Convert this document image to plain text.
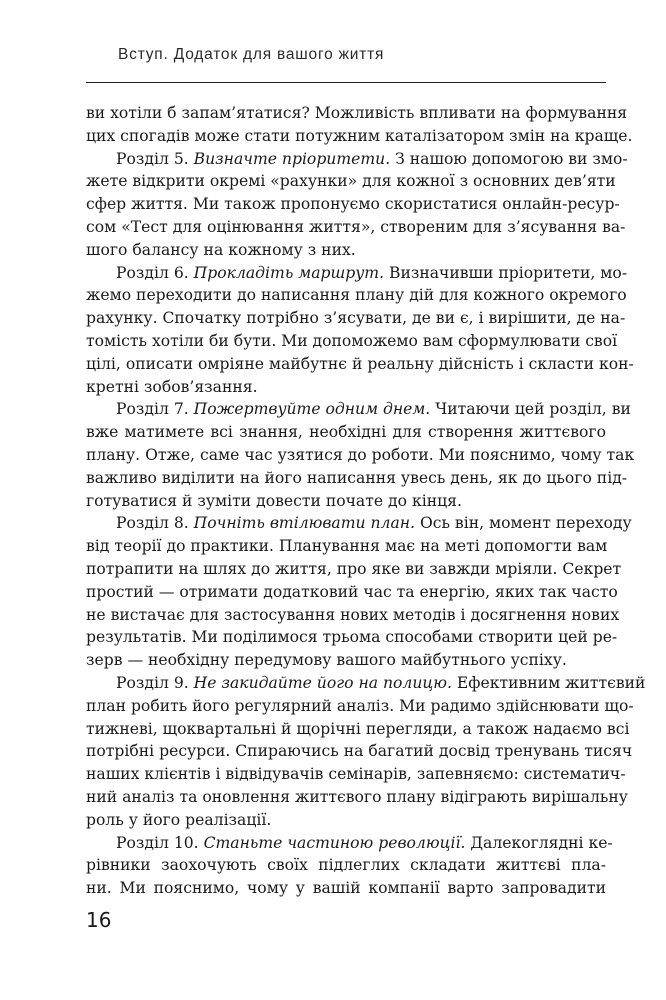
Вступ. Додаток для вашого життя
ви хотіли б запам’ятатися? Можливість впливати на формування
цих спогадів може стати потужним каталізатором змін на краще.
Розділ 5. Визначте пріоритети. З нашою допомогою ви змо-
жете відкрити окремі «рахунки» для кожної з основних дев’яти
сфер життя. Ми також пропонуємо скористатися онлайн-ресур-
сом «Тест для оцінювання життя», створеним для з’ясування ва-
шого балансу на кожному з них.
Розділ 6. Прокладіть маршрут. Визначивши пріоритети, мо-
жемо переходити до написання плану дій для кожного окремого
рахунку. Спочатку потрібно з’ясувати, де ви є, і вирішити, де на-
томість хотіли би бути. Ми допоможемо вам сформулювати свої
цілі, описати омріяне майбутнє й реальну дійсність і скласти кон-
кретні зобов’язання.
Розділ 7. Пожертвуйте одним днем. Читаючи цей розділ, ви
вже матимете всі знання, необхідні для створення життєвого
плану. Отже, саме час узятися до роботи. Ми пояснимо, чому так
важливо виділити на його написання увесь день, як до цього під-
готуватися й зуміти довести почате до кінця.
Розділ 8. Почніть втілювати план. Ось він, момент переходу
від теорії до практики. Планування має на меті допомогти вам
потрапити на шлях до життя, про яке ви завжди мріяли. Секрет
простий — отримати додатковий час та енергію, яких так часто
не вистачає для застосування нових методів і досягнення нових
результатів. Ми поділимося трьома способами створити цей ре-
зерв — необхідну передумову вашого майбутнього успіху.
Розділ 9. Не закидайте його на полицю. Ефективним життєвий
план робить його регулярний аналіз. Ми радимо здійснювати що-
тижневі, щоквартальні й щорічні перегляди, а також надаємо всі
потрібні ресурси. Спираючись на багатий досвід тренувань тисяч
наших клієнтів і відвідувачів семінарів, запевняємо: систематич-
ний аналіз та оновлення життєвого плану відіграють вирішальну
роль у його реалізації.
Розділ 10. Станьте частиною революції. Далекоглядні ке-
рівники заохочують своїх підлеглих складати життєві пла-
ни. Ми пояснимо, чому у вашій компанії варто запровадити
16
